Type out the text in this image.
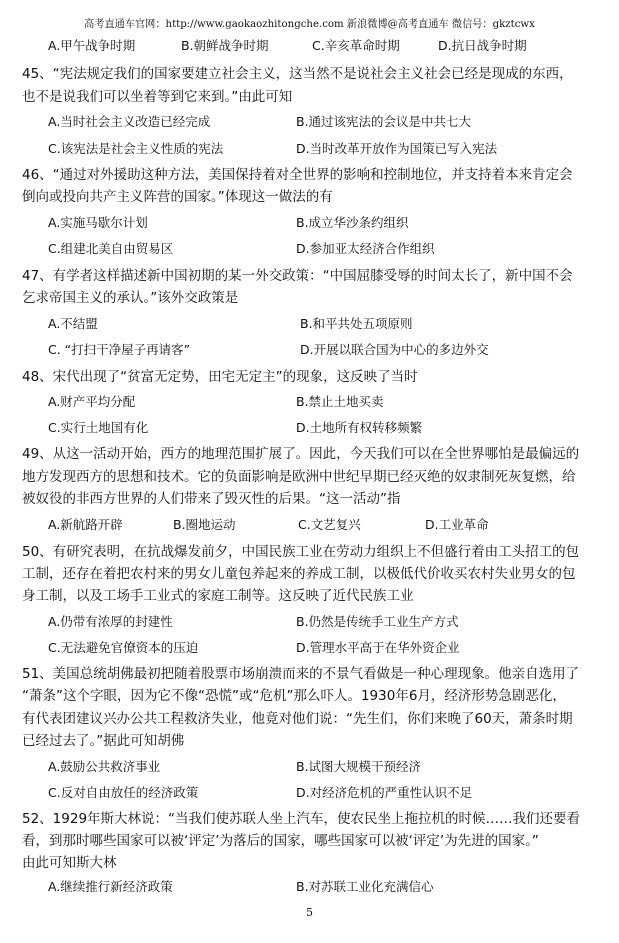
高考直通车官网：http://www.gaokaozhitongche.com 新浪微博@高考直通车 微信号：gkztcwx
A.甲午战争时期	B.朝鲜战争时期	C.辛亥革命时期	D.抗日战争时期
45、“宪法规定我们的国家要建立社会主义，这当然不是说社会主义社会已经是现成的东西，
也不是说我们可以坐着等到它来到。”由此可知
A.当时社会主义改造已经完成	B.通过该宪法的会议是中共七大
C.该宪法是社会主义性质的宪法	D.当时改革开放作为国策已写入宪法
46、“通过对外援助这种方法，美国保持着对全世界的影响和控制地位，并支持着本来肯定会
倒向或投向共产主义阵营的国家。”体现这一做法的有
A.实施马歇尔计划	B.成立华沙条约组织
C.组建北美自由贸易区	D.参加亚太经济合作组织
47、有学者这样描述新中国初期的某一外交政策：“中国屈膝受辱的时间太长了，新中国不会
乞求帝国主义的承认。”该外交政策是
A.不结盟	B.和平共处五项原则
C. “打扫干净屋子再请客”	D.开展以联合国为中心的多边外交
48、宋代出现了“贫富无定势，田宅无定主”的现象，这反映了当时
A.财产平均分配	B.禁止土地买卖
C.实行土地国有化	D.土地所有权转移频繁
49、从这一活动开始，西方的地理范围扩展了。因此，今天我们可以在全世界哪怕是最偏远的
地方发现西方的思想和技术。它的负面影响是欧洲中世纪早期已经灭绝的奴隶制死灰复燃，给
被奴役的非西方世界的人们带来了毁灭性的后果。“这一活动”指
A.新航路开辟	B.圈地运动	C.文艺复兴	D.工业革命
50、有研究表明，在抗战爆发前夕，中国民族工业在劳动力组织上不但盛行着由工头招工的包
工制，还存在着把农村来的男女儿童包养起来的养成工制，以极低代价收买农村失业男女的包
身工制，以及工场手工业式的家庭工制等。这反映了近代民族工业
A.仍带有浓厚的封建性	B.仍然是传统手工业生产方式
C.无法避免官僚资本的压迫	D.管理水平高于在华外资企业
51、美国总统胡佛最初把随着股票市场崩溃而来的不景气看做是一种心理现象。他亲自选用了
“萧条”这个字眼，因为它不像“恐慌”或“危机”那么吓人。1930年6月，经济形势急剧恶化，
有代表团建议兴办公共工程救济失业，他竟对他们说：“先生们，你们来晚了60天，萧条时期
已经过去了。”据此可知胡佛
A.鼓励公共救济事业	B.试图大规模干预经济
C.反对自由放任的经济政策	D.对经济危机的严重性认识不足
52、1929年斯大林说：“当我们使苏联人坐上汽车，使农民坐上拖拉机的时候……我们还要看
看，到那时哪些国家可以被‘评定’为落后的国家，哪些国家可以被‘评定’为先进的国家。”
由此可知斯大林
A.继续推行新经济政策	B.对苏联工业化充满信心
5
